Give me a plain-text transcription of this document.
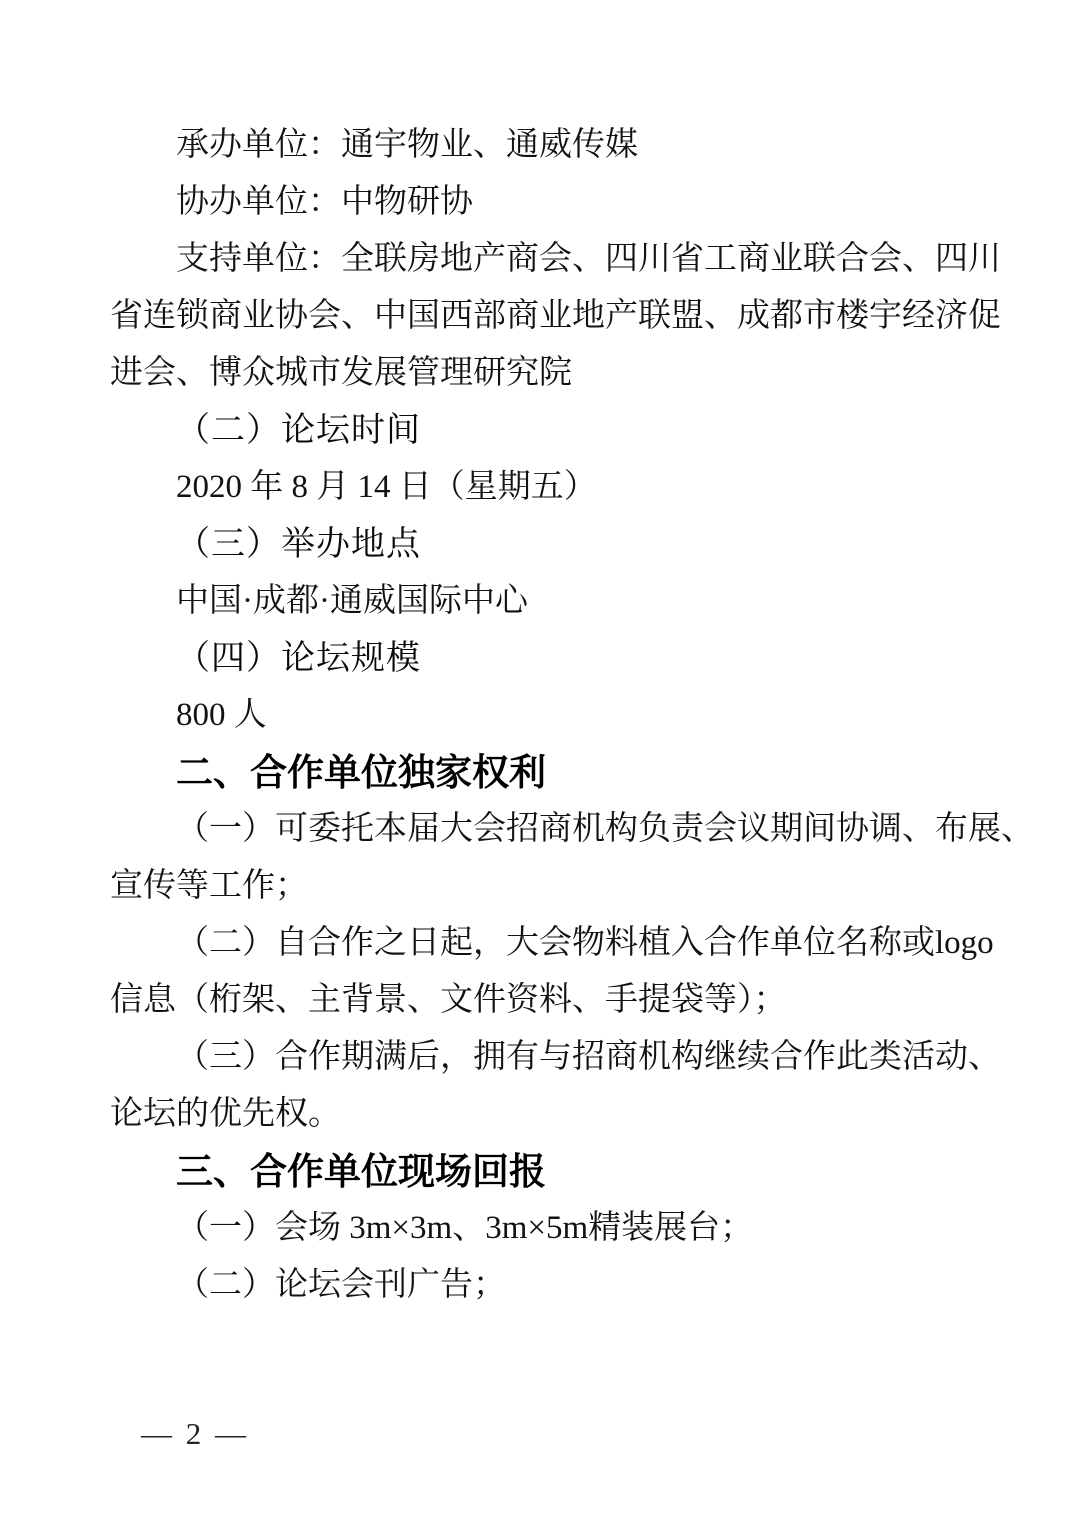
承办单位：通宇物业、通威传媒
协办单位：中物研协
支持单位：全联房地产商会、四川省工商业联合会、四川
省连锁商业协会、中国西部商业地产联盟、成都市楼宇经济促
进会、博众城市发展管理研究院
（二）论坛时间
2020 年 8 月 14 日（星期五）
（三）举办地点
中国·成都·通威国际中心
（四）论坛规模
800 人
二、合作单位独家权利
（一）可委托本届大会招商机构负责会议期间协调、布展、
宣传等工作；
（二）自合作之日起，大会物料植入合作单位名称或logo
信息（桁架、主背景、文件资料、手提袋等）；
（三）合作期满后，拥有与招商机构继续合作此类活动、
论坛的优先权。
三、合作单位现场回报
（一）会场 3m×3m、3m×5m精装展台；
（二）论坛会刊广告；
— 2 —
